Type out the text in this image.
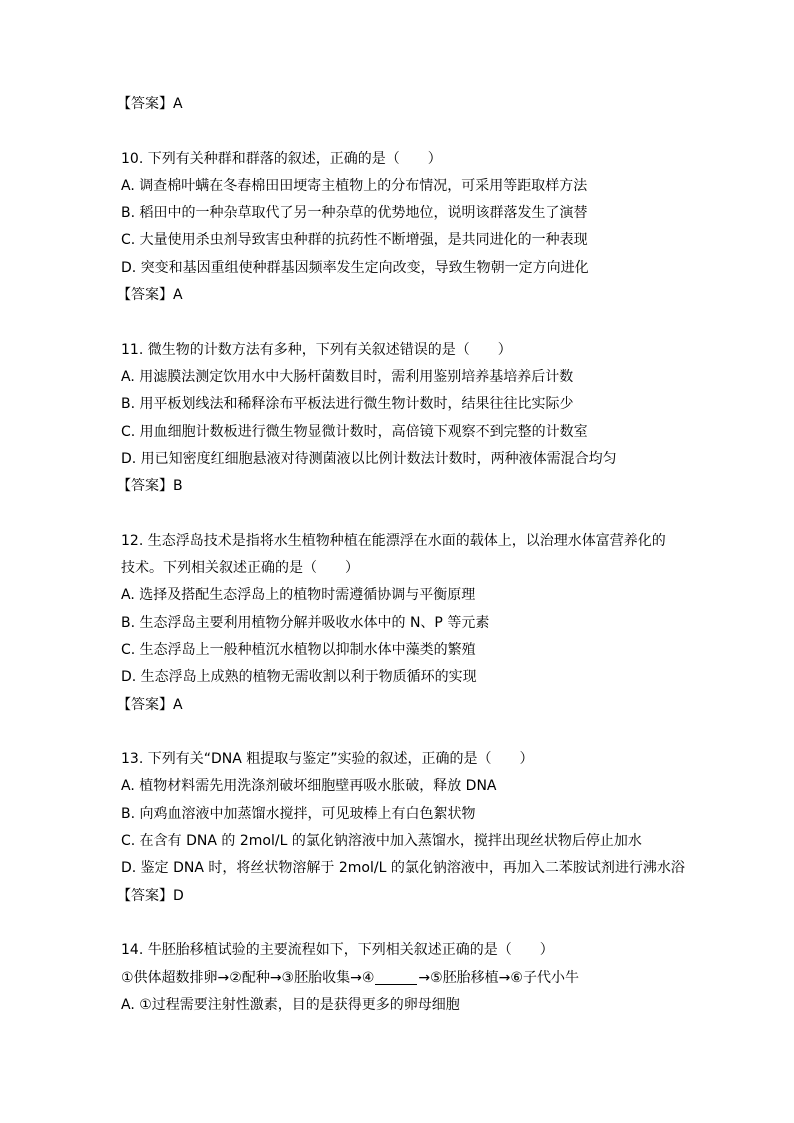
【答案】A
10. 下列有关种群和群落的叙述，正确的是（　　）
A. 调查棉叶螨在冬春棉田田埂寄主植物上的分布情况，可采用等距取样方法
B. 稻田中的一种杂草取代了另一种杂草的优势地位，说明该群落发生了演替
C. 大量使用杀虫剂导致害虫种群的抗药性不断增强，是共同进化的一种表现
D. 突变和基因重组使种群基因频率发生定向改变，导致生物朝一定方向进化
【答案】A
11. 微生物的计数方法有多种，下列有关叙述错误的是（　　）
A. 用滤膜法测定饮用水中大肠杆菌数目时，需利用鉴别培养基培养后计数
B. 用平板划线法和稀释涂布平板法进行微生物计数时，结果往往比实际少
C. 用血细胞计数板进行微生物显微计数时，高倍镜下观察不到完整的计数室
D. 用已知密度红细胞悬液对待测菌液以比例计数法计数时，两种液体需混合均匀
【答案】B
12. 生态浮岛技术是指将水生植物种植在能漂浮在水面的载体上，以治理水体富营养化的
技术。下列相关叙述正确的是（　　）
A. 选择及搭配生态浮岛上的植物时需遵循协调与平衡原理
B. 生态浮岛主要利用植物分解并吸收水体中的 N、P 等元素
C. 生态浮岛上一般种植沉水植物以抑制水体中藻类的繁殖
D. 生态浮岛上成熟的植物无需收割以利于物质循环的实现
【答案】A
13. 下列有关“DNA 粗提取与鉴定”实验的叙述，正确的是（　　）
A. 植物材料需先用洗涤剂破坏细胞壁再吸水胀破，释放 DNA
B. 向鸡血溶液中加蒸馏水搅拌，可见玻棒上有白色絮状物
C. 在含有 DNA 的 2mol/L 的氯化钠溶液中加入蒸馏水，搅拌出现丝状物后停止加水
D. 鉴定 DNA 时，将丝状物溶解于 2mol/L 的氯化钠溶液中，再加入二苯胺试剂进行沸水浴
【答案】D
14. 牛胚胎移植试验的主要流程如下，下列相关叙述正确的是（　　）
①供体超数排卵→②配种→③胚胎收集→④	→⑤胚胎移植→⑥子代小牛
A. ①过程需要注射性激素，目的是获得更多的卵母细胞
